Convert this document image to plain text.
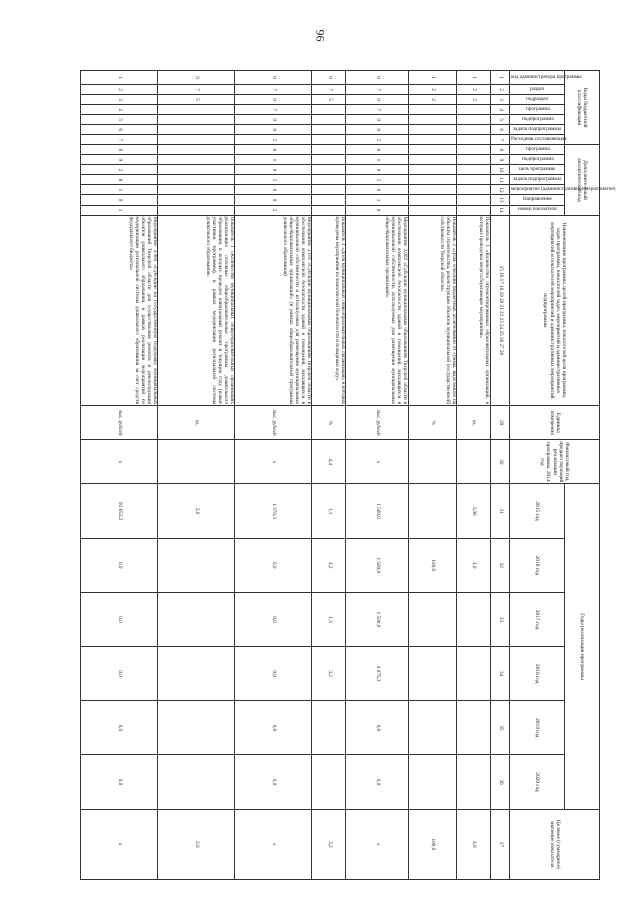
96
Коды бюджетной классификации							Дополнительный аналитический код							Наименование программы, целей программы, показателей цели программы, задач программы, показателей задач, мероприятий и административных мероприятий и показателей мероприятий и административных мероприятий подпрограммы	Единица измерения	Финансовый год, предшествующий реализации программы, 2014 год	Годы реализации программы						Целевое (суммарное) значение показателя
код администратора программы	раздел	подраздел	программа	подпрограмма	задача подпрограммы	Расходная составляющая	программа	подпрограмма	цель программы	задача подпрограммы	мероприятие (административное мероприятие)	Направление	номер показателя				2015 год	2016 год	2017 год	2018 год	2019 год	2020 год	

1	2	3	4	5	6	7	8	9	10	11	12	13	14	15 16 17 18 19 20 21 22 23 24 25 26 27 28	29	30	31	32	33	34	35	36	37
1	2	2												Показатель 1 «Количество отремонтированных образовательных организаций, в которых проведены энергосберегающие мероприятия»	ед.		3,00	1,0					4,0
1	2	2												Показатель 2 «Доля освоения бюджетных ассигнований от суммы, выделенной на объекты строительства, реконструкции объектов муниципальной (государственной) собственности Тверской области»	%			100,0					100,0
0	7	0	7	0	9	2	8	1	0	3	0	1	0	Мероприятие 3.002 «Субсидии муниципальным образованиям Тверской области в обеспечении комплексной безопасности зданий и помещений, находящихся в муниципальной собственности, используемых для размещения муниципальных общеобразовательных организаций»	тыс. рублей	х	1 500,0	1 500,0	1 500,0	4 075,3	0,0	0,0	х
0	7	5												Показатель 1 «Доля муниципальных общеобразовательных организаций, в которых проведены мероприятия по комплексной безопасности и пожарным ходу»	%	4,4	1,1	4,2	1,3	3,2			3,2
0	7	0	7	0	9	2	8	1	0	3	0	0	2	Мероприятие 3.101 «Субсидии муниципальным образованиям Тверской области в обеспечении комплексной безопасности зданий и помещений, находящихся в муниципальной собственности и используемых для размещения муниципальных общеобразовательных организаций» (в рамках общеобразовательной программы дошкольного образования)	тыс. рублей	х	1 370,3	0,0	0,0	0,0	0,0	0,0	х
0	7	5												Показатель 1 «Количество муниципальных общеобразовательных организаций, реализующих основные общеобразовательные программы дошкольного образования, в которых проведен капитальный ремонт в текущем году (новые участники программы), в рамках модернизации региональной системы дошкольного образования»	ед.		2,0						2,0
1	2	3	4	5	6	7	8	9	2	8	1	0	1	Мероприятие 3.004 «Субсидии на государственную поддержку муниципальных образований Тверской области для осуществления ремонта и реконструкции объектов дошкольного образования, в рамках реализации мероприятий по модернизации региональной системы дошкольного образования за счет средств федерального бюджета»	тыс. рублей	х	93 653,2	0,0	0,0	0,0	0,0	0,0	х
